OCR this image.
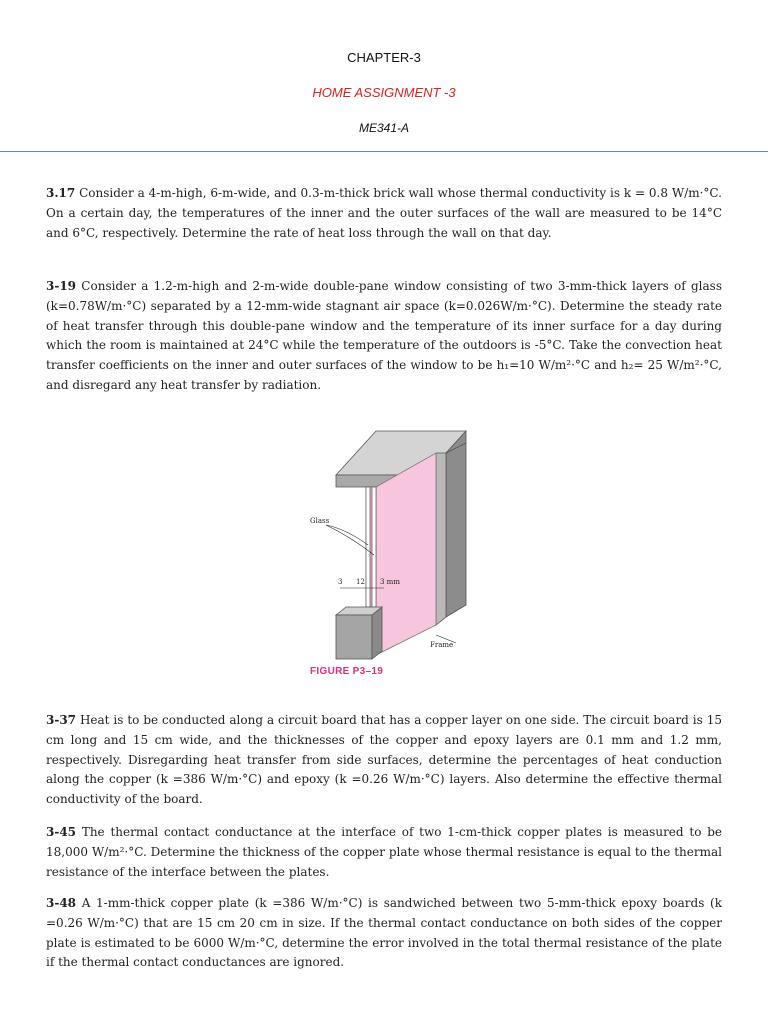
CHAPTER-3
HOME ASSIGNMENT -3
ME341-A
3.17 Consider a 4-m-high, 6-m-wide, and 0.3-m-thick brick wall whose thermal conductivity is k = 0.8 W/m·°C. On a certain day, the temperatures of the inner and the outer surfaces of the wall are measured to be 14°C and 6°C, respectively. Determine the rate of heat loss through the wall on that day.
3-19 Consider a 1.2-m-high and 2-m-wide double-pane window consisting of two 3-mm-thick layers of glass (k=0.78W/m·°C) separated by a 12-mm-wide stagnant air space (k=0.026W/m·°C). Determine the steady rate of heat transfer through this double-pane window and the temperature of its inner surface for a day during which the room is maintained at 24°C while the temperature of the outdoors is -5°C. Take the convection heat transfer coefficients on the inner and outer surfaces of the window to be h₁=10 W/m²·°C and h₂= 25 W/m²·°C, and disregard any heat transfer by radiation.
Glass
3 12 3 mm
Frame
FIGURE P3–19
3-37 Heat is to be conducted along a circuit board that has a copper layer on one side. The circuit board is 15 cm long and 15 cm wide, and the thicknesses of the copper and epoxy layers are 0.1 mm and 1.2 mm, respectively. Disregarding heat transfer from side surfaces, determine the percentages of heat conduction along the copper (k =386 W/m·°C) and epoxy (k =0.26 W/m·°C) layers. Also determine the effective thermal conductivity of the board.
3-45 The thermal contact conductance at the interface of two 1-cm-thick copper plates is measured to be 18,000 W/m²·°C. Determine the thickness of the copper plate whose thermal resistance is equal to the thermal resistance of the interface between the plates.
3-48 A 1-mm-thick copper plate (k =386 W/m·°C) is sandwiched between two 5-mm-thick epoxy boards (k =0.26 W/m·°C) that are 15 cm 20 cm in size. If the thermal contact conductance on both sides of the copper plate is estimated to be 6000 W/m·°C, determine the error involved in the total thermal resistance of the plate if the thermal contact conductances are ignored.
